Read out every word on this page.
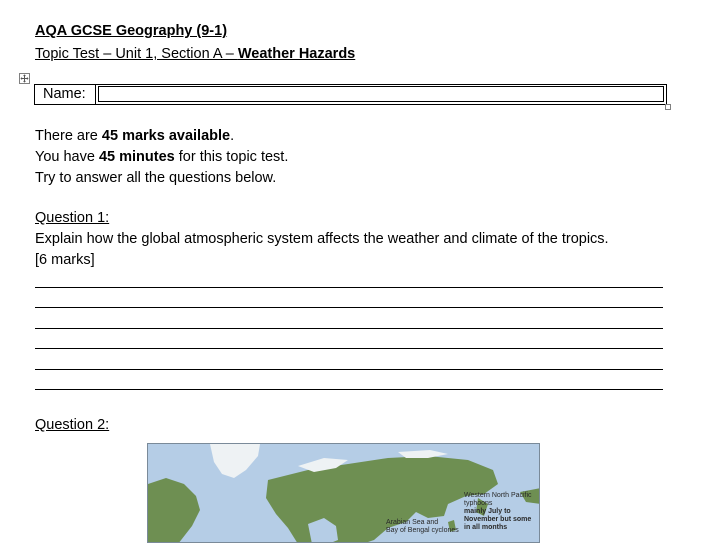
AQA GCSE Geography (9-1)
Topic Test – Unit 1, Section A – Weather Hazards
Name:
There are 45 marks available.
You have 45 minutes for this topic test.
Try to answer all the questions below.
Question 1:
Explain how the global atmospheric system affects the weather and climate of the tropics.
[6 marks]
Question 2:
Western North Pacific
typhoons
mainly July to
November but some
in all months
Arabian Sea and
Bay of Bengal cyclones
